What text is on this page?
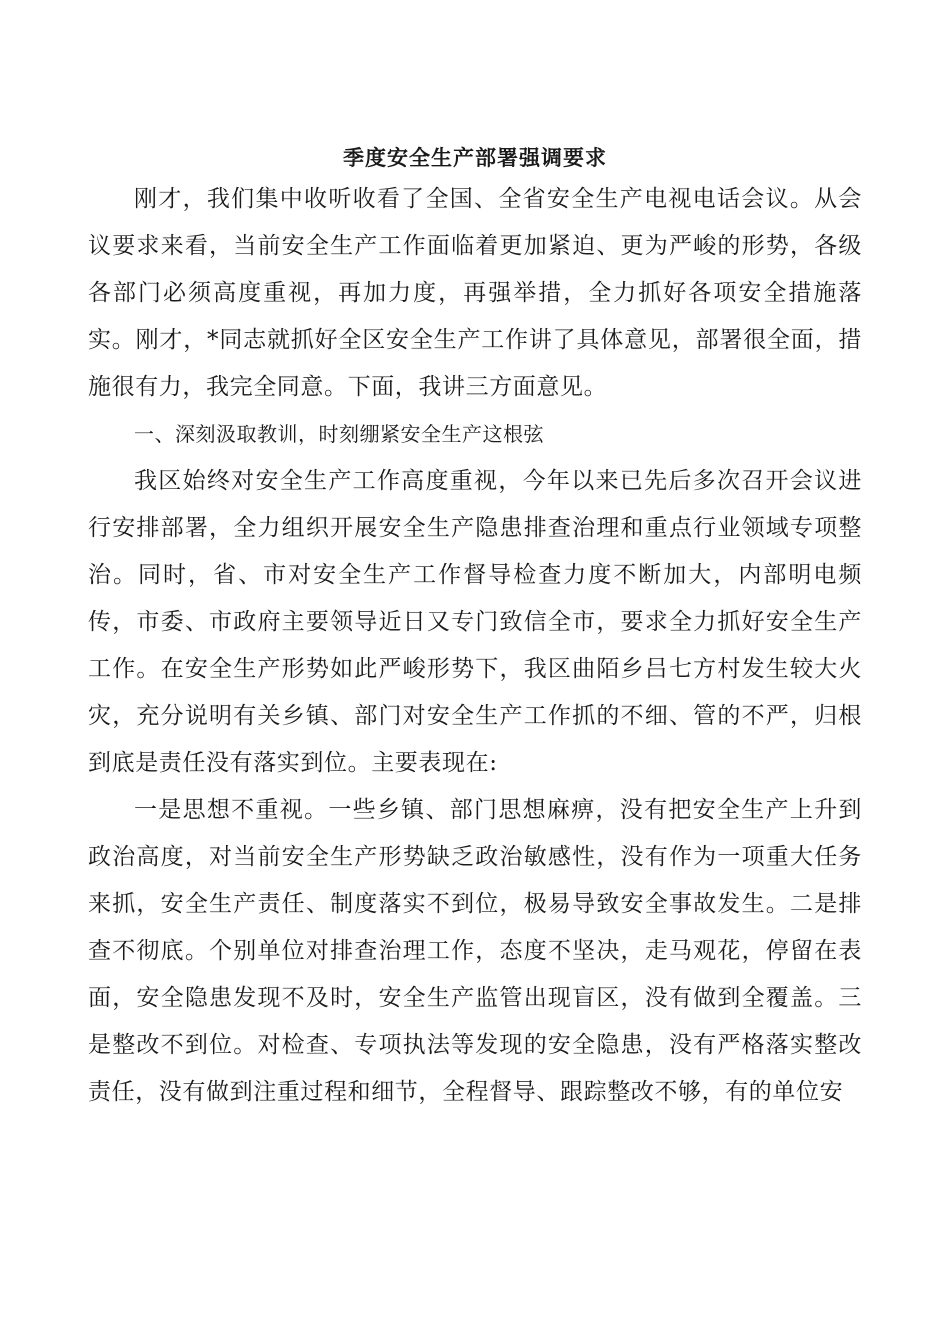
季度安全生产部署强调要求

刚才，我们集中收听收看了全国、全省安全生产电视电话会议。从会议要求来看，当前安全生产工作面临着更加紧迫、更为严峻的形势，各级各部门必须高度重视，再加力度，再强举措，全力抓好各项安全措施落实。刚才，*同志就抓好全区安全生产工作讲了具体意见，部署很全面，措施很有力，我完全同意。下面，我讲三方面意见。

一、深刻汲取教训，时刻绷紧安全生产这根弦

我区始终对安全生产工作高度重视，今年以来已先后多次召开会议进行安排部署，全力组织开展安全生产隐患排查治理和重点行业领域专项整治。同时，省、市对安全生产工作督导检查力度不断加大，内部明电频传，市委、市政府主要领导近日又专门致信全市，要求全力抓好安全生产工作。在安全生产形势如此严峻形势下，我区曲陌乡吕七方村发生较大火灾，充分说明有关乡镇、部门对安全生产工作抓的不细、管的不严，归根到底是责任没有落实到位。主要表现在:

一是思想不重视。一些乡镇、部门思想麻痹，没有把安全生产上升到政治高度，对当前安全生产形势缺乏政治敏感性，没有作为一项重大任务来抓，安全生产责任、制度落实不到位，极易导致安全事故发生。二是排查不彻底。个别单位对排查治理工作，态度不坚决，走马观花，停留在表面，安全隐患发现不及时，安全生产监管出现盲区，没有做到全覆盖。三是整改不到位。对检查、专项执法等发现的安全隐患，没有严格落实整改责任，没有做到注重过程和细节，全程督导、跟踪整改不够，有的单位安
